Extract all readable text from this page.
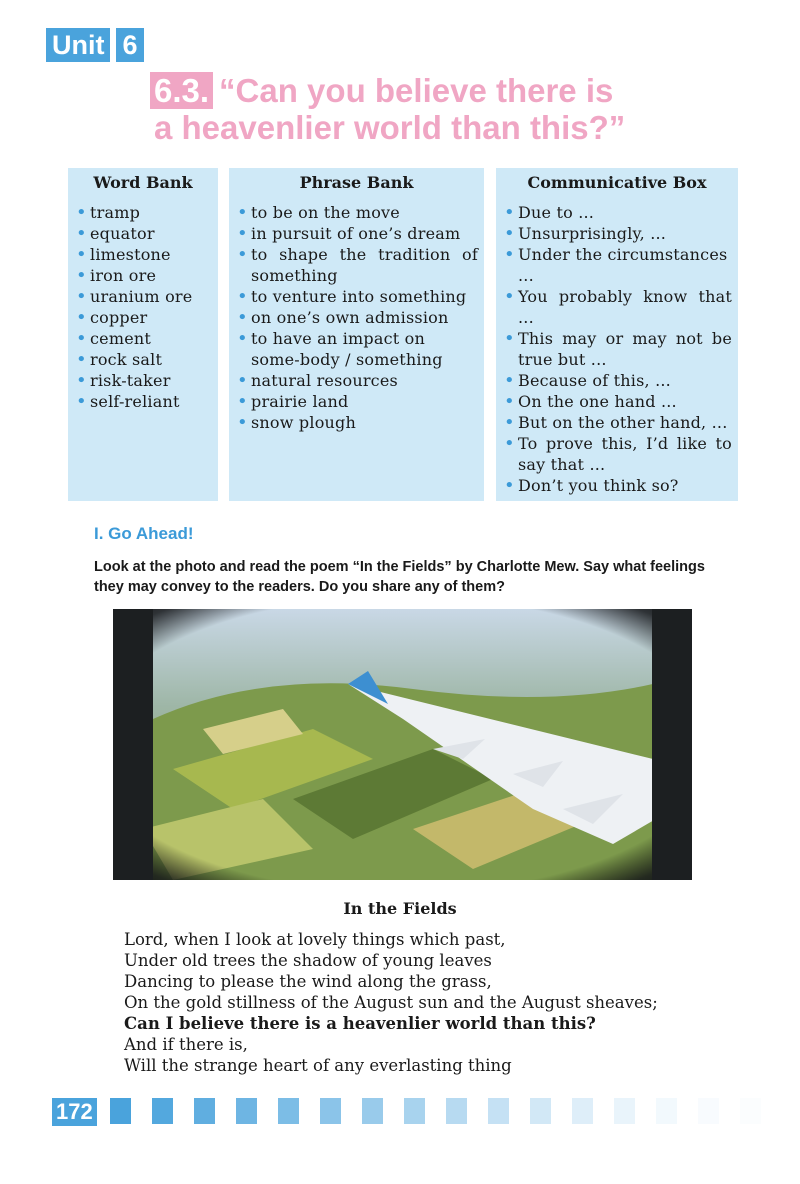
Unit 6
6.3. “Can you believe there is
a heavenlier world than this?”
Word Bank
• tramp
• equator
• limestone
• iron ore
• uranium ore
• copper
• cement
• rock salt
• risk-taker
• self-reliant
Phrase Bank
• to be on the move
• in pursuit of one’s dream
• to shape the tradition of something
• to venture into something
• on one’s own admission
• to have an impact on some-body / something
• natural resources
• prairie land
• snow plough
Communicative Box
• Due to ...
• Unsurprisingly, ...
• Under the circumstances ...
• You probably know that ...
• This may or may not be true but ...
• Because of this, ...
• On the one hand ...
• But on the other hand, ...
• To prove this, I’d like to say that ...
• Don’t you think so?
I. Go Ahead!
Look at the photo and read the poem “In the Fields” by Charlotte Mew. Say what feelings they may convey to the readers. Do you share any of them?
In the Fields
Lord, when I look at lovely things which past,
Under old trees the shadow of young leaves
Dancing to please the wind along the grass,
On the gold stillness of the August sun and the August sheaves;
Can I believe there is a heavenlier world than this?
And if there is,
Will the strange heart of any everlasting thing
172
